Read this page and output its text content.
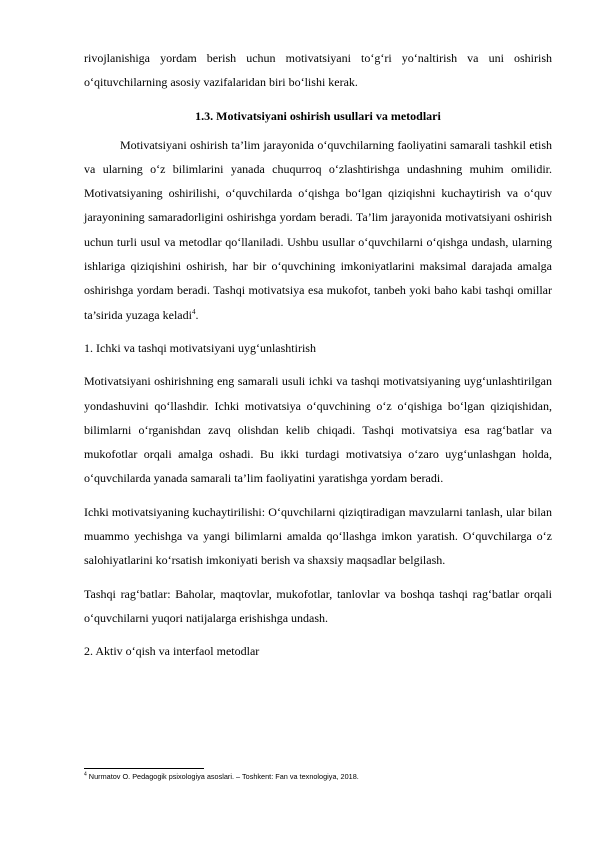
rivojlanishiga yordam berish uchun motivatsiyani to‘g‘ri yo‘naltirish va uni oshirish o‘qituvchilarning asosiy vazifalaridan biri bo‘lishi kerak.

1.3. Motivatsiyani oshirish usullari va metodlari

Motivatsiyani oshirish ta’lim jarayonida o‘quvchilarning faoliyatini samarali tashkil etish va ularning o‘z bilimlarini yanada chuqurroq o‘zlashtirishga undashning muhim omilidir. Motivatsiyaning oshirilishi, o‘quvchilarda o‘qishga bo‘lgan qiziqishni kuchaytirish va o‘quv jarayonining samaradorligini oshirishga yordam beradi. Ta’lim jarayonida motivatsiyani oshirish uchun turli usul va metodlar qo‘llaniladi. Ushbu usullar o‘quvchilarni o‘qishga undash, ularning ishlariga qiziqishini oshirish, har bir o‘quvchining imkoniyatlarini maksimal darajada amalga oshirishga yordam beradi. Tashqi motivatsiya esa mukofot, tanbeh yoki baho kabi tashqi omillar ta’sirida yuzaga keladi$^4$.

1. Ichki va tashqi motivatsiyani uyg‘unlashtirish

Motivatsiyani oshirishning eng samarali usuli ichki va tashqi motivatsiyaning uyg‘unlashtirilgan yondashuvini qo‘llashdir. Ichki motivatsiya o‘quvchining o‘z o‘qishiga bo‘lgan qiziqishidan, bilimlarni o‘rganishdan zavq olishdan kelib chiqadi. Tashqi motivatsiya esa rag‘batlar va mukofotlar orqali amalga oshadi. Bu ikki turdagi motivatsiya o‘zaro uyg‘unlashgan holda, o‘quvchilarda yanada samarali ta’lim faoliyatini yaratishga yordam beradi.

Ichki motivatsiyaning kuchaytirilishi: O‘quvchilarni qiziqtiradigan mavzularni tanlash, ular bilan muammo yechishga va yangi bilimlarni amalda qo‘llashga imkon yaratish. O‘quvchilarga o‘z salohiyatlarini ko‘rsatish imkoniyati berish va shaxsiy maqsadlar belgilash.

Tashqi rag‘batlar: Baholar, maqtovlar, mukofotlar, tanlovlar va boshqa tashqi rag‘batlar orqali o‘quvchilarni yuqori natijalarga erishishga undash.

2. Aktiv o‘qish va interfaol metodlar

$^4$ Nurmatov O. Pedagogik psixologiya asoslari. – Toshkent: Fan va texnologiya, 2018.
